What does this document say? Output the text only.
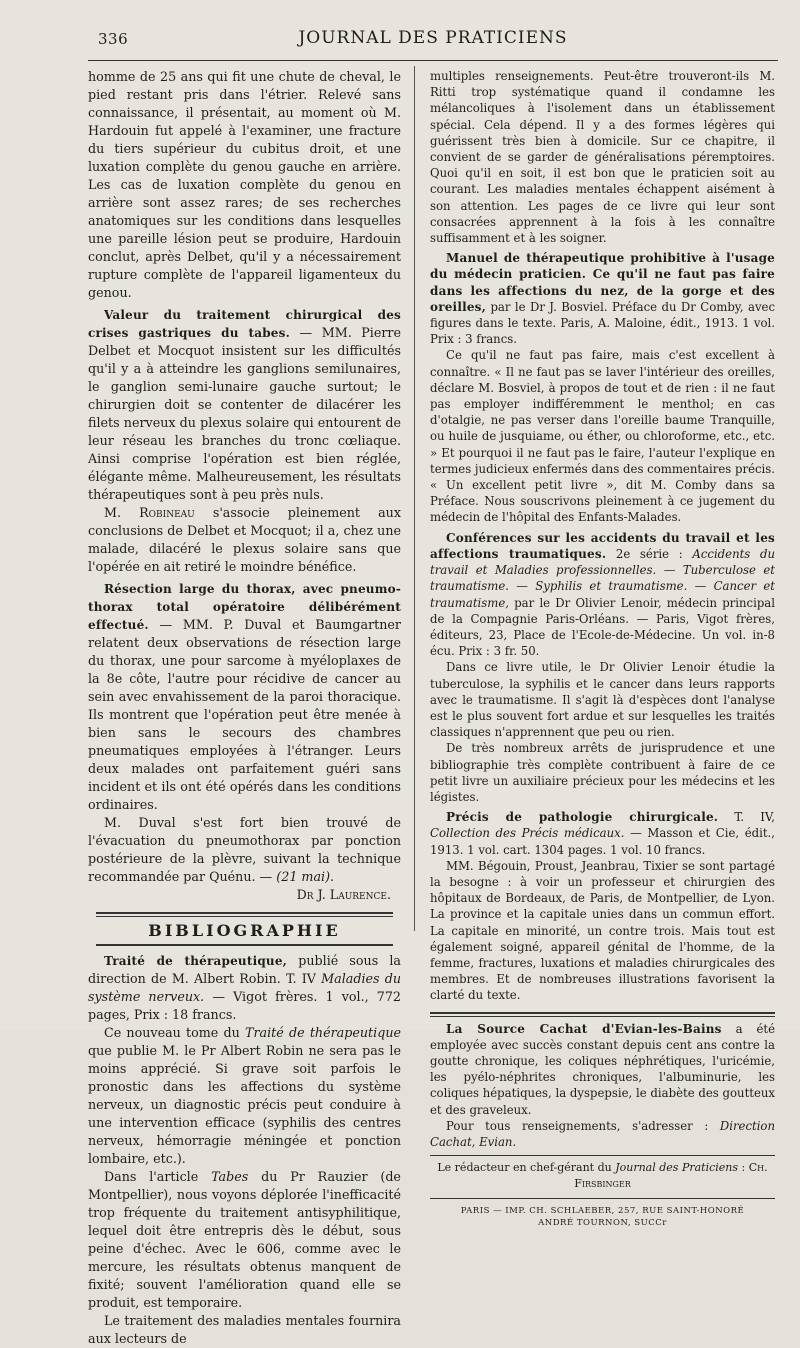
336	JOURNAL DES PRATICIENS

homme de 25 ans qui fit une chute de cheval, le pied restant pris dans l'étrier. Relevé sans connaissance, il présentait, au moment où M. Hardouin fut appelé à l'examiner, une fracture du tiers supérieur du cubitus droit, et une luxation complète du genou gauche en arrière. Les cas de luxation complète du genou en arrière sont assez rares; de ses recherches anatomiques sur les conditions dans lesquelles une pareille lésion peut se produire, Hardouin conclut, après Delbet, qu'il y a nécessairement rupture complète de l'appareil ligamenteux du genou.

Valeur du traitement chirurgical des crises gastriques du tabes. — MM. Pierre Delbet et Mocquot insistent sur les difficultés qu'il y a à atteindre les ganglions semilunaires, le ganglion semi-lunaire gauche surtout; le chirurgien doit se contenter de dilacérer les filets nerveux du plexus solaire qui entourent de leur réseau les branches du tronc cœliaque. Ainsi comprise l'opération est bien réglée, élégante même. Malheureusement, les résultats thérapeutiques sont à peu près nuls.

M. Robineau s'associe pleinement aux conclusions de Delbet et Mocquot; il a, chez une malade, dilacéré le plexus solaire sans que l'opérée en ait retiré le moindre bénéfice.

Résection large du thorax, avec pneumo-thorax total opératoire délibérément effectué. — MM. P. Duval et Baumgartner relatent deux observations de résection large du thorax, une pour sarcome à myéloplaxes de la 8e côte, l'autre pour récidive de cancer au sein avec envahissement de la paroi thoracique. Ils montrent que l'opération peut être menée à bien sans le secours des chambres pneumatiques employées à l'étranger. Leurs deux malades ont parfaitement guéri sans incident et ils ont été opérés dans les conditions ordinaires.

M. Duval s'est fort bien trouvé de l'évacuation du pneumothorax par ponction postérieure de la plèvre, suivant la technique recommandée par Quénu. — (21 mai).

Dr J. Laurence.

BIBLIOGRAPHIE

Traité de thérapeutique, publié sous la direction de M. Albert Robin. T. IV Maladies du système nerveux. — Vigot frères. 1 vol., 772 pages, Prix : 18 francs.

Ce nouveau tome du Traité de thérapeutique que publie M. le Pr Albert Robin ne sera pas le moins apprécié. Si grave soit parfois le pronostic dans les affections du système nerveux, un diagnostic précis peut conduire à une intervention efficace (syphilis des centres nerveux, hémorragie méningée et ponction lombaire, etc.).

Dans l'article Tabes du Pr Rauzier (de Montpellier), nous voyons déplorée l'inefficacité trop fréquente du traitement antisyphilitique, lequel doit être entrepris dès le début, sous peine d'échec. Avec le 606, comme avec le mercure, les résultats obtenus manquent de fixité; souvent l'amélioration quand elle se produit, est temporaire.

Le traitement des maladies mentales fournira aux lecteurs de

multiples renseignements. Peut-être trouveront-ils M. Ritti trop systématique quand il condamne les mélancoliques à l'isolement dans un établissement spécial. Cela dépend. Il y a des formes légères qui guérissent très bien à domicile. Sur ce chapitre, il convient de se garder de généralisations péremptoires. Quoi qu'il en soit, il est bon que le praticien soit au courant. Les maladies mentales échappent aisément à son attention. Les pages de ce livre qui leur sont consacrées apprennent à la fois à les connaître suffisamment et à les soigner.

Manuel de thérapeutique prohibitive à l'usage du médecin praticien. Ce qu'il ne faut pas faire dans les affections du nez, de la gorge et des oreilles, par le Dr J. Bosviel. Préface du Dr Comby, avec figures dans le texte. Paris, A. Maloine, édit., 1913. 1 vol. Prix : 3 francs.

Ce qu'il ne faut pas faire, mais c'est excellent à connaître. « Il ne faut pas se laver l'intérieur des oreilles, déclare M. Bosviel, à propos de tout et de rien : il ne faut pas employer indifféremment le menthol; en cas d'otalgie, ne pas verser dans l'oreille baume Tranquille, ou huile de jusquiame, ou éther, ou chloroforme, etc., etc. » Et pourquoi il ne faut pas le faire, l'auteur l'explique en termes judicieux enfermés dans des commentaires précis. « Un excellent petit livre », dit M. Comby dans sa Préface. Nous souscrivons pleinement à ce jugement du médecin de l'hôpital des Enfants-Malades.

Conférences sur les accidents du travail et les affections traumatiques. 2e série : Accidents du travail et Maladies professionnelles. — Tuberculose et traumatisme. — Syphilis et traumatisme. — Cancer et traumatisme, par le Dr Olivier Lenoir, médecin principal de la Compagnie Paris-Orléans. — Paris, Vigot frères, éditeurs, 23, Place de l'Ecole-de-Médecine. Un vol. in-8 écu. Prix : 3 fr. 50.

Dans ce livre utile, le Dr Olivier Lenoir étudie la tuberculose, la syphilis et le cancer dans leurs rapports avec le traumatisme. Il s'agit là d'espèces dont l'analyse est le plus souvent fort ardue et sur lesquelles les traités classiques n'apprennent que peu ou rien.

De très nombreux arrêts de jurisprudence et une bibliographie très complète contribuent à faire de ce petit livre un auxiliaire précieux pour les médecins et les légistes.

Précis de pathologie chirurgicale. T. IV, Collection des Précis médicaux. — Masson et Cie, édit., 1913. 1 vol. cart. 1304 pages. 1 vol. 10 francs.

MM. Bégouin, Proust, Jeanbrau, Tixier se sont partagé la besogne : à voir un professeur et chirurgien des hôpitaux de Bordeaux, de Paris, de Montpellier, de Lyon. La province et la capitale unies dans un commun effort. La capitale en minorité, un contre trois. Mais tout est également soigné, appareil génital de l'homme, de la femme, fractures, luxations et maladies chirurgicales des membres. Et de nombreuses illustrations favorisent la clarté du texte.

La Source Cachat d'Evian-les-Bains a été employée avec succès constant depuis cent ans contre la goutte chronique, les coliques néphrétiques, l'uricémie, les pyélo-néphrites chroniques, l'albuminurie, les coliques hépatiques, la dyspepsie, le diabète des goutteux et des graveleux.

Pour tous renseignements, s'adresser : Direction Cachat, Evian.

Le rédacteur en chef-gérant du Journal des Praticiens : Ch. Firsbinger
PARIS — IMP. CH. SCHLAEBER, 257, RUE SAINT-HONORÉ
ANDRÉ TOURNON, SUCCr
